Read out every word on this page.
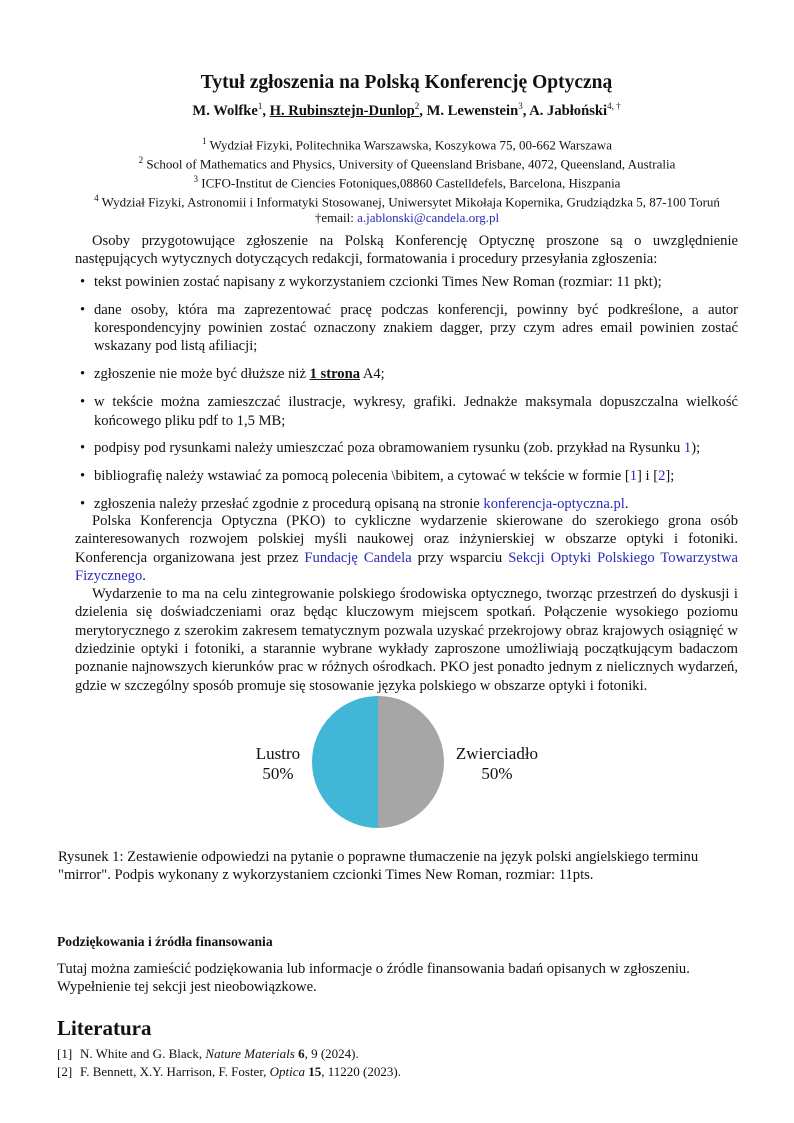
Tytuł zgłoszenia na Polską Konferencję Optyczną
M. Wolfke$^1$, H. Rubinsztejn-Dunlop$^2$, M. Lewenstein$^3$, A. Jabłoński$^{4, \dagger}$
$^1$ Wydział Fizyki, Politechnika Warszawska, Koszykowa 75, 00-662 Warszawa
$^2$ School of Mathematics and Physics, University of Queensland Brisbane, 4072, Queensland, Australia
$^3$ ICFO-Institut de Ciencies Fotoniques,08860 Castelldefels, Barcelona, Hiszpania
$^4$ Wydział Fizyki, Astronomii i Informatyki Stosowanej, Uniwersytet Mikołaja Kopernika, Grudziądzka 5, 87-100 Toruń
†email: a.jablonski@candela.org.pl
Osoby przygotowujące zgłoszenie na Polską Konferencję Optycznę proszone są o uwzględnienie następujących wytycznych dotyczących redakcji, formatowania i procedury przesyłania zgłoszenia:
• tekst powinien zostać napisany z wykorzystaniem czcionki Times New Roman (rozmiar: 11 pkt);
• dane osoby, która ma zaprezentować pracę podczas konferencji, powinny być podkreślone, a autor korespondencyjny powinien zostać oznaczony znakiem dagger, przy czym adres email powinien zostać wskazany pod listą afiliacji;
• zgłoszenie nie może być dłuższe niż 1 strona A4;
• w tekście można zamieszczać ilustracje, wykresy, grafiki. Jednakże maksymala dopuszczalna wielkość końcowego pliku pdf to 1,5 MB;
• podpisy pod rysunkami należy umieszczać poza obramowaniem rysunku (zob. przykład na Rysunku 1);
• bibliografię należy wstawiać za pomocą polecenia \bibitem, a cytować w tekście w formie [1] i [2];
• zgłoszenia należy przesłać zgodnie z procedurą opisaną na stronie konferencja-optyczna.pl.

Polska Konferencja Optyczna (PKO) to cykliczne wydarzenie skierowane do szerokiego grona osób zainteresowanych rozwojem polskiej myśli naukowej oraz inżynierskiej w obszarze optyki i fotoniki. Konferencja organizowana jest przez Fundację Candela przy wsparciu Sekcji Optyki Polskiego Towarzystwa Fizycznego.

Wydarzenie to ma na celu zintegrowanie polskiego środowiska optycznego, tworząc przestrzeń do dyskusji i dzielenia się doświadczeniami oraz będąc kluczowym miejscem spotkań. Połączenie wysokiego poziomu merytorycznego z szerokim zakresem tematycznym pozwala uzyskać przekrojowy obraz krajowych osiągnięć w dziedzinie optyki i fotoniki, a starannie wybrane wykłady zaproszone umożliwiają początkującym badaczom poznanie najnowszych kierunków prac w różnych ośrodkach. PKO jest ponadto jednym z nielicznych wydarzeń, gdzie w szczególny sposób promuje się stosowanie języka polskiego w obszarze optyki i fotoniki.

Lustro
50%
Zwierciadło
50%
Rysunek 1: Zestawienie odpowiedzi na pytanie o poprawne tłumaczenie na język polski angielskiego terminu "mirror". Podpis wykonany z wykorzystaniem czcionki Times New Roman, rozmiar: 11pts.
Podziękowania i źródła finansowania
Tutaj można zamieścić podziękowania lub informacje o źródle finansowania badań opisanych w zgłoszeniu. Wypełnienie tej sekcji jest nieobowiązkowe.
Literatura
[1] N. White and G. Black, Nature Materials 6, 9 (2024).
[2] F. Bennett, X.Y. Harrison, F. Foster, Optica 15, 11220 (2023).
